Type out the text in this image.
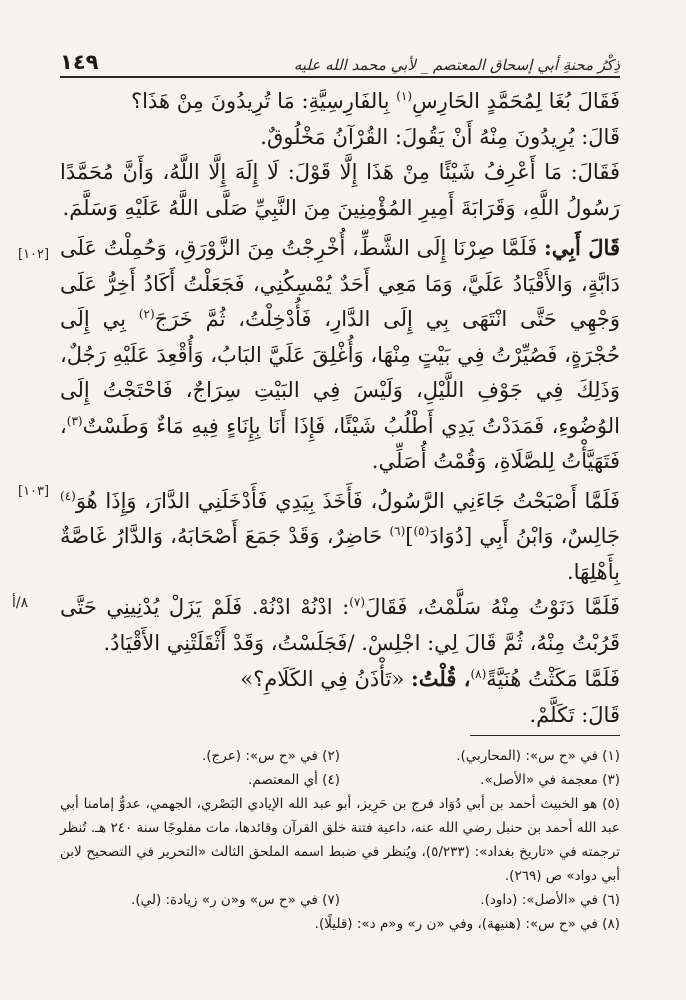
١٤٩	ذِكْرُ محنةِ أبي إسحاق المعتصم _ لأبي محمد الله عليه

فَقَالَ بُغَا لِمُحَمَّدٍ الحَارِسِ$^{(١)}$ بِالفَارِسِيَّةِ: مَا تُرِيدُونَ مِنْ هَذَا؟

قَالَ: يُرِيدُونَ مِنْهُ أَنْ يَقُولَ: القُرْآنُ مَخْلُوقٌ.

فَقَالَ: مَا أَعْرِفُ شَيْئًا مِنْ هَذَا إِلَّا قَوْلَ: لَا إِلَهَ إِلَّا اللَّهُ، وَأَنَّ مُحَمَّدًا رَسُولُ اللَّهِ، وَقَرَابَةَ أَمِيرِ المُؤْمِنِينَ مِنَ النَّبِيِّ صَلَّى اللَّهُ عَلَيْهِ وَسَلَّمَ.

قَالَ أَبِي: فَلَمَّا صِرْنَا إِلَى الشَّطِّ، أُخْرِجْتُ مِنَ الزَّوْرَقِ، وَحُمِلْتُ عَلَى دَابَّةٍ، وَالأَقْيَادُ عَلَيَّ، وَمَا مَعِي أَحَدٌ يُمْسِكُنِي، فَجَعَلْتُ أَكَادُ أَخِرُّ عَلَى وَجْهِي حَتَّى انْتَهَى بِي إِلَى الدَّارِ، فَأُدْخِلْتُ، ثُمَّ خَرَجَ$^{(٢)}$ بِي إِلَى حُجْرَةٍ، فَصُيِّرْتُ فِي بَيْتٍ مِنْهَا، وَأُغْلِقَ عَلَيَّ البَابُ، وَأُقْعِدَ عَلَيْهِ رَجُلٌ، وَذَلِكَ فِي جَوْفِ اللَّيْلِ، وَلَيْسَ فِي البَيْتِ سِرَاجٌ، فَاحْتَجْتُ إِلَى الوُضُوءِ، فَمَدَدْتُ يَدِي أَطْلُبُ شَيْئًا، فَإِذَا أَنَا بِإِنَاءٍ فِيهِ مَاءٌ وَطَسْتٌ$^{(٣)}$، فَتَهَيَّأْتُ لِلصَّلَاةِ، وَقُمْتُ أُصَلِّي.

فَلَمَّا أَصْبَحْتُ جَاءَنِي الرَّسُولُ، فَأَخَذَ بِيَدِي فَأَدْخَلَنِي الدَّارَ، وَإِذَا هُوَ$^{(٤)}$ جَالِسٌ، وَابْنُ أَبِي [دُوَادَ$^{(٥)}$]$^{(٦)}$ حَاضِرٌ، وَقَدْ جَمَعَ أَصْحَابَهُ، وَالدَّارُ غَاصَّةٌ بِأَهْلِهَا.

فَلَمَّا دَنَوْتُ مِنْهُ سَلَّمْتُ، فَقَالَ$^{(٧)}$: ادْنُهْ ادْنُهْ. فَلَمْ يَزَلْ يُدْنِينِي حَتَّى قَرُبْتُ مِنْهُ، ثُمَّ قَالَ لِي: اجْلِسْ. /فَجَلَسْتُ، وَقَدْ أَثْقَلَتْنِي الأَقْيَادُ.

فَلَمَّا مَكَثْتُ هُنَيَّةً$^{(٨)}$، قُلْتُ: «تَأْذَنُ فِي الكَلَامِ؟»

قَالَ: تَكَلَّمْ.

[١٠٢]
[١٠٣]
٨/أ
(١) في «ح س»: (المحاربي).
(٢) في «ح س»: (عرج).
(٣) معجمة في «الأصل».
(٤) أي المعتصم.
(٥) هو الخبيث أحمد بن أبي دُوَاد فرج بن حَرِيز، أبو عبد الله الإيادي البَصْري، الجهمي، عدوُّ إمامنا أبي عبد الله أحمد بن حنبل رضي الله عنه، داعية فتنة خلق القرآن وقائدها، مات مفلوجًا سنة ٢٤٠ هـ. تُنظر ترجمته في «تاريخ بغداد»: (٥/٢٣٣)، ويُنظر في ضبط اسمه الملحق الثالث «التحرير في التصحيح لابن أبي دواد» ص (٢٦٩).
(٦) في «الأصل»: (داود).
(٧) في «ح س» و«ن ر» زيادة: (لي).
(٨) في «ح س»: (هنيهة)، وفي «ن ر» و«م د»: (قليلًا).
